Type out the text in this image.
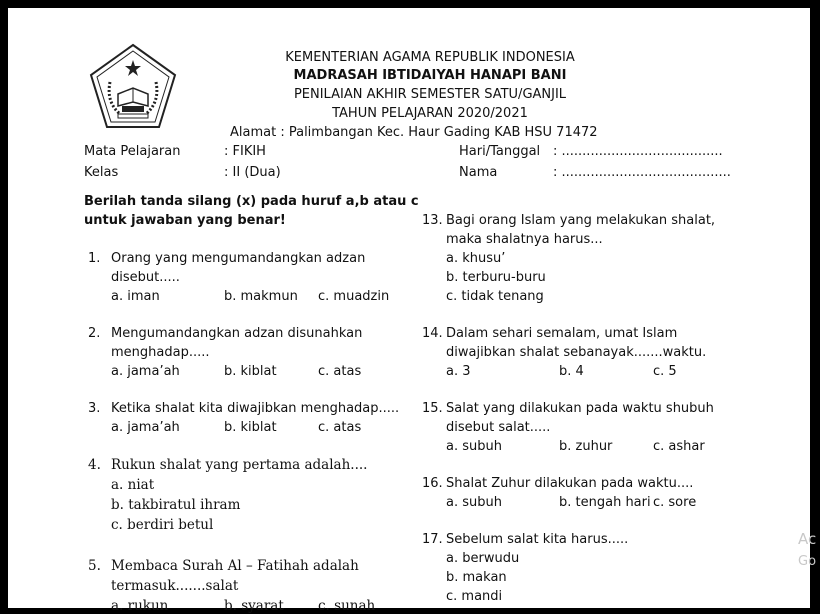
KEMENTERIAN AGAMA REPUBLIK INDONESIA
MADRASAH IBTIDAIYAH HANAPI BANI
PENILAIAN AKHIR SEMESTER SATU/GANJIL
TAHUN PELAJARAN 2020/2021
Alamat : Palimbangan Kec. Haur Gading KAB HSU 71472
Mata Pelajaran	: FIKIH	Hari/Tanggal : .......................................
Kelas	: II (Dua)	Nama	: .........................................
Berilah tanda silang (x) pada huruf a,b atau c
untuk jawaban yang benar!
1. Orang yang mengumandangkan adzan
disebut.....
a. iman	b. makmun c. muadzin
2. Mengumandangkan adzan disunahkan
menghadap.....
a. jama’ah	b. kiblat	c. atas
3. Ketika shalat kita diwajibkan menghadap.....
a. jama’ah	b. kiblat	c. atas
4. Rukun shalat yang pertama adalah....
a. niat
b. takbiratul ihram
c. berdiri betul
5. Membaca Surah Al – Fatihah adalah
termasuk.......salat
a. rukun	b. syarat	c. sunah
13. Bagi orang Islam yang melakukan shalat,
maka shalatnya harus...
a. khusu’
b. terburu-buru
c. tidak tenang
14. Dalam sehari semalam, umat Islam
diwajibkan shalat sebanayak.......waktu.
a. 3	b. 4	c. 5
15. Salat yang dilakukan pada waktu shubuh
disebut salat.....
a. subuh	b. zuhur	c. ashar
16. Shalat Zuhur dilakukan pada waktu....
a. subuh	b. tengah hari c. sore
17. Sebelum salat kita harus.....
a. berwudu
b. makan
c. mandi
Ac
Go
